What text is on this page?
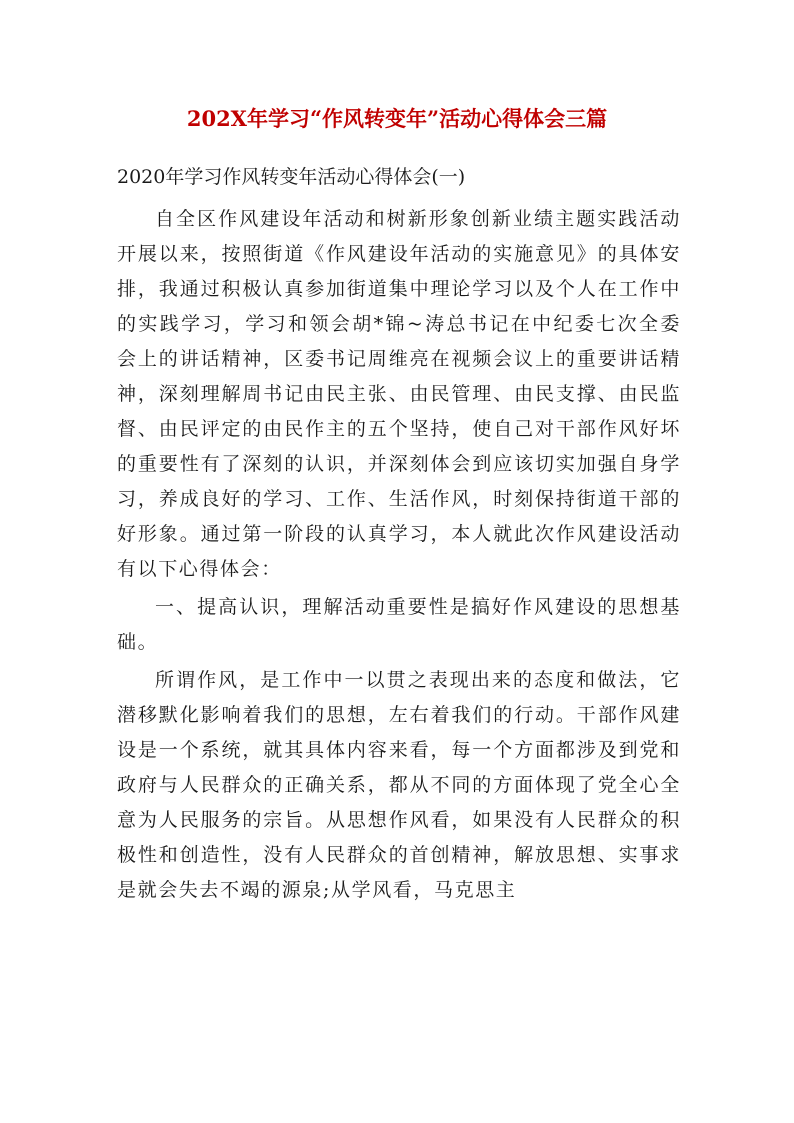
202X年学习“作风转变年”活动心得体会三篇

2020年学习作风转变年活动心得体会(一)

自全区作风建设年活动和树新形象创新业绩主题实践活动开展以来，按照街道《作风建设年活动的实施意见》的具体安排，我通过积极认真参加街道集中理论学习以及个人在工作中的实践学习，学习和领会胡*锦~涛总书记在中纪委七次全委会上的讲话精神，区委书记周维亮在视频会议上的重要讲话精神，深刻理解周书记由民主张、由民管理、由民支撑、由民监督、由民评定的由民作主的五个坚持，使自己对干部作风好坏的重要性有了深刻的认识，并深刻体会到应该切实加强自身学习，养成良好的学习、工作、生活作风，时刻保持街道干部的好形象。通过第一阶段的认真学习，本人就此次作风建设活动有以下心得体会：

一、提高认识，理解活动重要性是搞好作风建设的思想基础。

所谓作风，是工作中一以贯之表现出来的态度和做法，它潜移默化影响着我们的思想，左右着我们的行动。干部作风建设是一个系统，就其具体内容来看，每一个方面都涉及到党和政府与人民群众的正确关系，都从不同的方面体现了党全心全意为人民服务的宗旨。从思想作风看，如果没有人民群众的积极性和创造性，没有人民群众的首创精神，解放思想、实事求是就会失去不竭的源泉;从学风看，马克思主
